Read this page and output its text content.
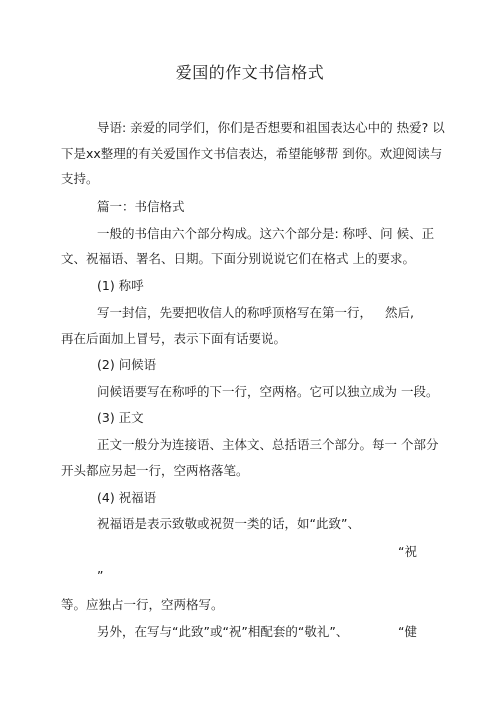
爱国的作文书信格式
导语: 亲爱的同学们，你们是否想要和祖国表达心中的 热爱? 以
下是xx整理的有关爱国作文书信表达，希望能够帮 到你。欢迎阅读与
支持。
篇一：书信格式
一般的书信由六个部分构成。这六个部分是: 称呼、问 候、正
文、祝福语、署名、日期。下面分别说说它们在格式 上的要求。
(1) 称呼
写一封信，先要把收信人的称呼顶格写在第一行， 然后,
再在后面加上冒号，表示下面有话要说。
(2) 问候语
问候语要写在称呼的下一行，空两格。它可以独立成为 一段。
(3) 正文
正文一般分为连接语、主体文、总括语三个部分。每一 个部分
开头都应另起一行，空两格落笔。
(4) 祝福语
祝福语是表示致敬或祝贺一类的话，如“此致”、
“祝
”
等。应独占一行，空两格写。
另外，在写与“此致”或“祝”相配套的“敬礼”、	“健
